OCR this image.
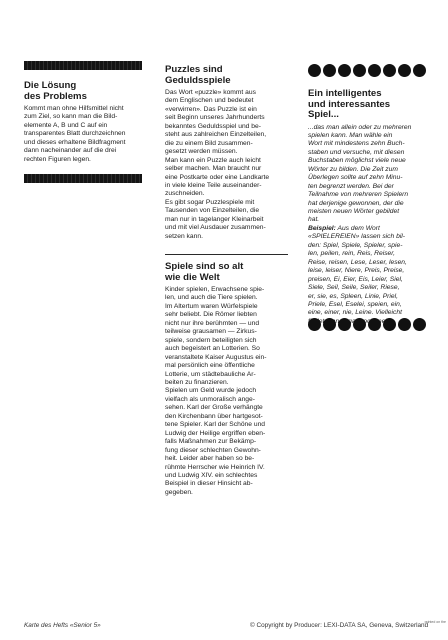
Die Lösung
des Problems

Kommt man ohne Hilfsmittel nicht
zum Ziel, so kann man die Bild-
elemente A, B und C auf ein
transparentes Blatt durchzeichnen
und dieses erhaltene Bildfragment
dann nacheinander auf die drei
rechten Figuren legen.

Puzzles sind
Geduldsspiele

Das Wort «puzzle» kommt aus
dem Englischen und bedeutet
«verwirren». Das Puzzle ist ein
seit Beginn unseres Jahrhunderts
bekanntes Geduldsspiel und be-
steht aus zahlreichen Einzelteilen,
die zu einem Bild zusammen-
gesetzt werden müssen.
Man kann ein Puzzle auch leicht
selber machen. Man braucht nur
eine Postkarte oder eine Landkarte
in viele kleine Teile auseinander-
zuschneiden.
Es gibt sogar Puzzlespiele mit
Tausenden von Einzelteilen, die
man nur in tagelanger Kleinarbeit
und mit viel Ausdauer zusammen-
setzen kann.

Spiele sind so alt
wie die Welt

Kinder spielen, Erwachsene spie-
len, und auch die Tiere spielen.
Im Altertum waren Würfelspiele
sehr beliebt. Die Römer liebten
nicht nur ihre berühmten — und
teilweise grausamen — Zirkus-
spiele, sondern beteiligten sich
auch begeistert an Lotterien. So
veranstaltete Kaiser Augustus ein-
mal persönlich eine öffentliche
Lotterie, um städtebauliche Ar-
beiten zu finanzieren.
Spielen um Geld wurde jedoch
vielfach als unmoralisch ange-
sehen. Karl der Große verhängte
den Kirchenbann über hartgesot-
tene Spieler. Karl der Schöne und
Ludwig der Heilige ergriffen eben-
falls Maßnahmen zur Bekämp-
fung dieser schlechten Gewohn-
heit. Leider aber haben so be-
rühmte Herrscher wie Heinrich IV.
und Ludwig XIV. ein schlechtes
Beispiel in dieser Hinsicht ab-
gegeben.

Ein intelligentes
und interessantes
Spiel...

...das man allein oder zu mehreren
spielen kann. Man wähle ein
Wort mit mindestens zehn Buch-
staben und versuche, mit diesen
Buchstaben möglichst viele neue
Wörter zu bilden. Die Zeit zum
Überlegen sollte auf zehn Minu-
ten begrenzt werden. Bei der
Teilnahme von mehreren Spielern
hat derjenige gewonnen, der die
meisten neuen Wörter gebildet
hat.

Beispiel: Aus dem Wort
«SPIELEREIEN» lassen sich bil-
den: Spiel, Spiele, Spieler, spie-
len, peilen, rein, Reis, Reiser,
Reise, reisen, Lese, Leser, lesen,
leise, leiser, Niere, Preis, Preise,
preisen, Ei, Eier, Eis, Leier, Siel,
Siele, Seil, Seile, Seiler, Riese,
er, sie, es, Spleen, Linie, Priel,
Priele, Esel, Eselei, speien, ein,
eine, einer, nie, Leine. Vielleicht
noch

Karte des Hefts «Senior 5»	© Copyright by Producer: LEXI-DATA SA, Geneva, Switzerland
printed on the
